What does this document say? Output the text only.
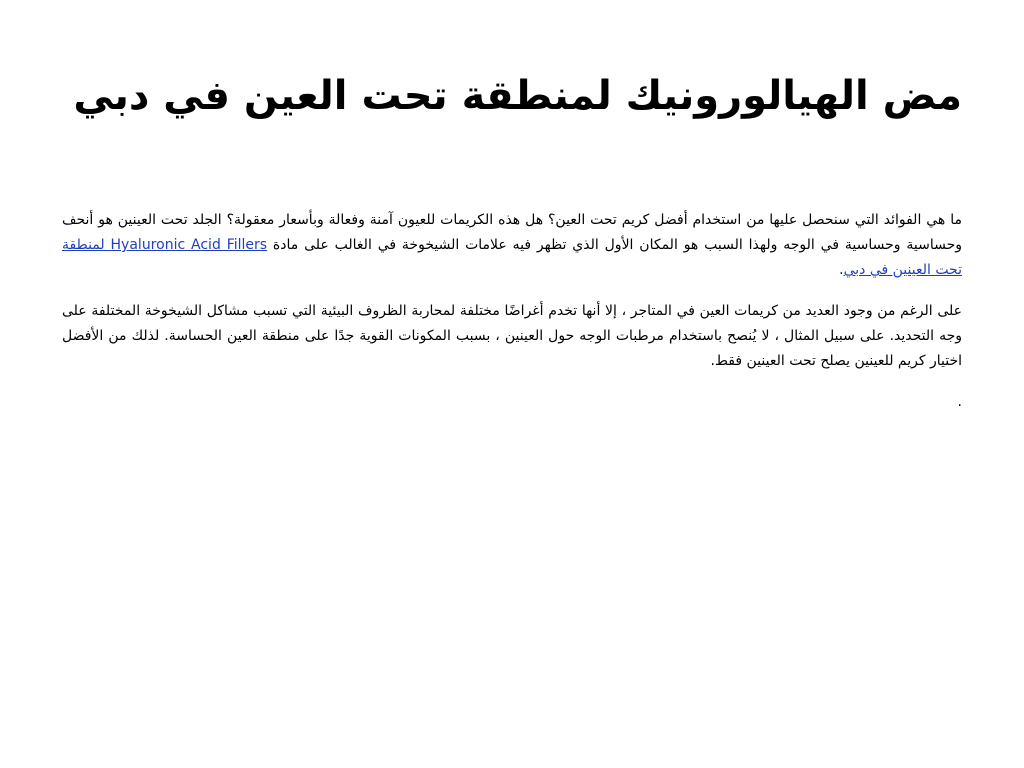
مض الهيالورونيك لمنطقة تحت العين في دبي

ما هي الفوائد التي سنحصل عليها من استخدام أفضل كريم تحت العين؟ هل هذه الكريمات للعيون آمنة وفعالة وبأسعار معقولة؟ الجلد تحت العينين هو أنحف وحساسية وحساسية في الوجه ولهذا السبب هو المكان الأول الذي تظهر فيه علامات الشيخوخة في الغالب على مادة Hyaluronic Acid Fillers لمنطقة تحت العينين في دبي.

على الرغم من وجود العديد من كريمات العين في المتاجر ، إلا أنها تخدم أغراضًا مختلفة لمحاربة الظروف البيئية التي تسبب مشاكل الشيخوخة المختلفة على وجه التحديد. على سبيل المثال ، لا يُنصح باستخدام مرطبات الوجه حول العينين ، بسبب المكونات القوية جدًا على منطقة العين الحساسة. لذلك من الأفضل اختيار كريم للعينين يصلح تحت العينين فقط.

.
